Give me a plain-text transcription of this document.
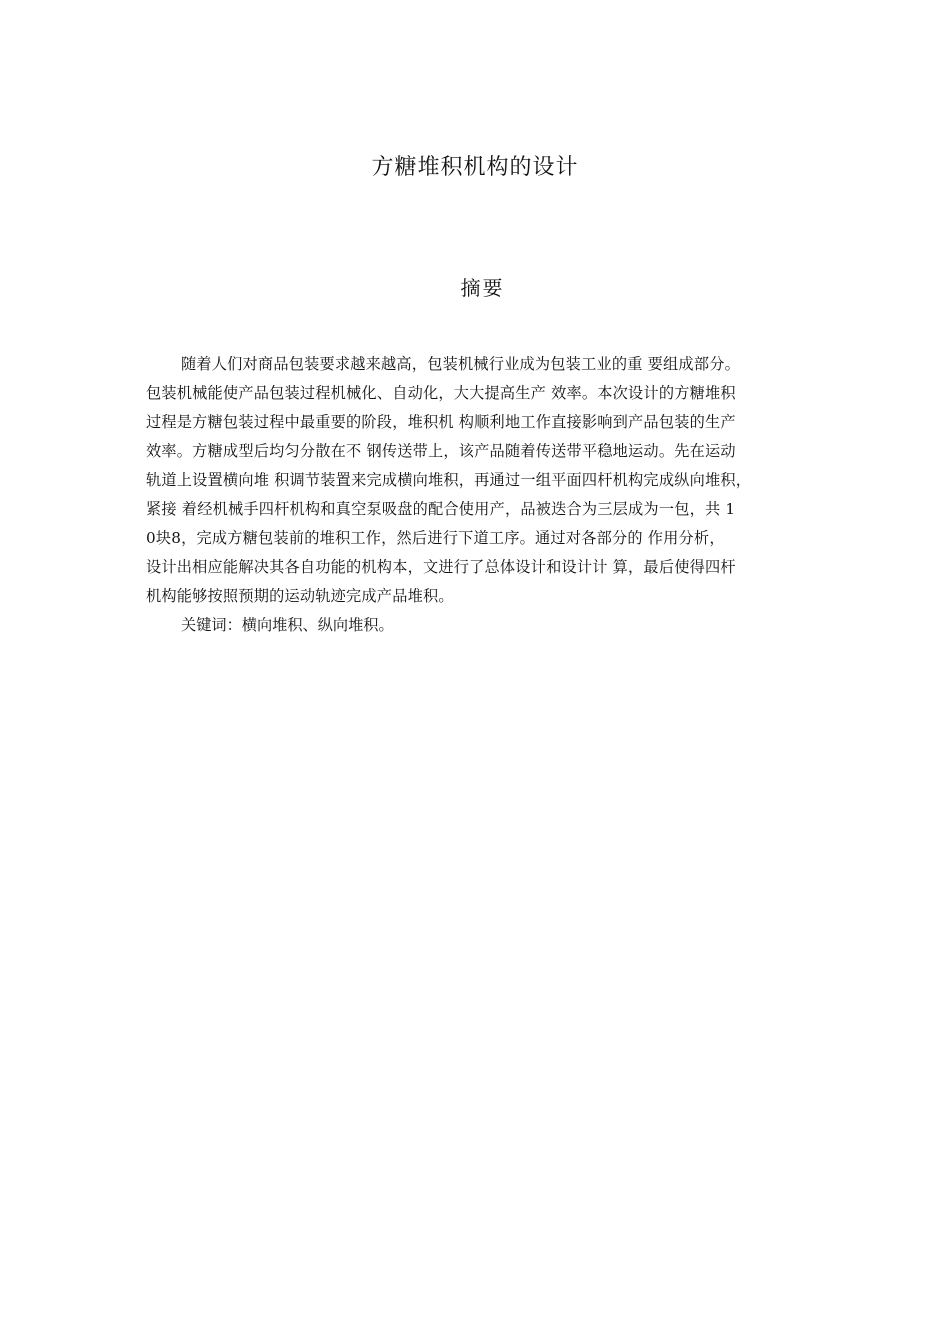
方糖堆积机构的设计
摘要
随着人们对商品包装要求越来越高，包装机械行业成为包装工业的重 要组成部分。
包装机械能使产品包装过程机械化、自动化，大大提高生产 效率。本次设计的方糖堆积
过程是方糖包装过程中最重要的阶段，堆积机 构顺利地工作直接影响到产品包装的生产
效率。方糖成型后均匀分散在不 钢传送带上，该产品随着传送带平稳地运动。先在运动
轨道上设置横向堆 积调节装置来完成横向堆积，再通过一组平面四杆机构完成纵向堆积，
紧接 着经机械手四杆机构和真空泵吸盘的配合使用产，品被迭合为三层成为一包，共 1
0块8，完成方糖包装前的堆积工作，然后进行下道工序。通过对各部分的 作用分析，
设计出相应能解决其各自功能的机构本，文进行了总体设计和设计计 算，最后使得四杆
机构能够按照预期的运动轨迹完成产品堆积。
关键词：横向堆积、纵向堆积。
